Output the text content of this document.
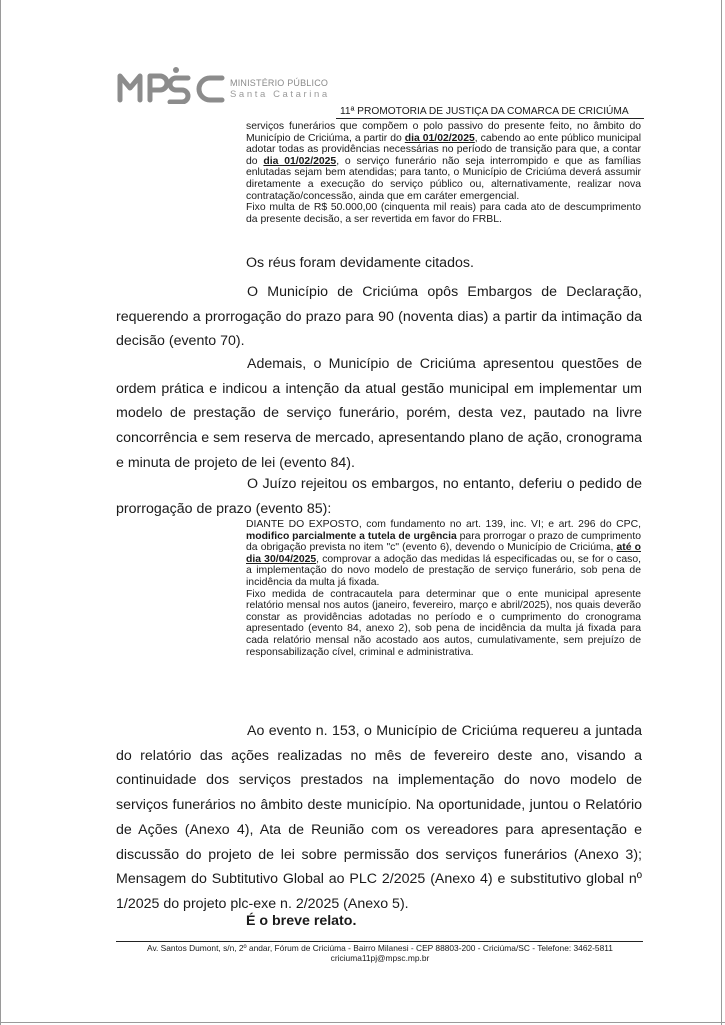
MINISTÉRIO PÚBLICO
Santa Catarina
11ª PROMOTORIA DE JUSTIÇA DA COMARCA DE CRICIÚMA

serviços funerários que compõem o polo passivo do presente feito, no âmbito do Município de Criciúma, a partir do dia 01/02/2025, cabendo ao ente público municipal adotar todas as providências necessárias no período de transição para que, a contar do dia 01/02/2025, o serviço funerário não seja interrompido e que as famílias enlutadas sejam bem atendidas; para tanto, o Município de Criciúma deverá assumir diretamente a execução do serviço público ou, alternativamente, realizar nova contratação/concessão, ainda que em caráter emergencial.

Fixo multa de R$ 50.000,00 (cinquenta mil reais) para cada ato de descumprimento da presente decisão, a ser revertida em favor do FRBL.

Os réus foram devidamente citados.

O Município de Criciúma opôs Embargos de Declaração, requerendo a prorrogação do prazo para 90 (noventa dias) a partir da intimação da decisão (evento 70).

Ademais, o Município de Criciúma apresentou questões de ordem prática e indicou a intenção da atual gestão municipal em implementar um modelo de prestação de serviço funerário, porém, desta vez, pautado na livre concorrência e sem reserva de mercado, apresentando plano de ação, cronograma e minuta de projeto de lei (evento 84).

O Juízo rejeitou os embargos, no entanto, deferiu o pedido de prorrogação de prazo (evento 85):

DIANTE DO EXPOSTO, com fundamento no art. 139, inc. VI; e art. 296 do CPC, modifico parcialmente a tutela de urgência para prorrogar o prazo de cumprimento da obrigação prevista no item "c" (evento 6), devendo o Município de Criciúma, até o dia 30/04/2025, comprovar a adoção das medidas lá especificadas ou, se for o caso, a implementação do novo modelo de prestação de serviço funerário, sob pena de incidência da multa já fixada.

Fixo medida de contracautela para determinar que o ente municipal apresente relatório mensal nos autos (janeiro, fevereiro, março e abril/2025), nos quais deverão constar as providências adotadas no período e o cumprimento do cronograma apresentado (evento 84, anexo 2), sob pena de incidência da multa já fixada para cada relatório mensal não acostado aos autos, cumulativamente, sem prejuízo de responsabilização cível, criminal e administrativa.

Ao evento n. 153, o Município de Criciúma requereu a juntada do relatório das ações realizadas no mês de fevereiro deste ano, visando a continuidade dos serviços prestados na implementação do novo modelo de serviços funerários no âmbito deste município. Na oportunidade, juntou o Relatório de Ações (Anexo 4), Ata de Reunião com os vereadores para apresentação e discussão do projeto de lei sobre permissão dos serviços funerários (Anexo 3); Mensagem do Subtitutivo Global ao PLC 2/2025 (Anexo 4) e substitutivo global nº 1/2025 do projeto plc-exe n. 2/2025 (Anexo 5).

É o breve relato.
Av. Santos Dumont, s/n, 2º andar, Fórum de Criciúma - Bairro Milanesi - CEP 88803-200 - Criciúma/SC - Telefone: 3462-5811
criciuma11pj@mpsc.mp.br
